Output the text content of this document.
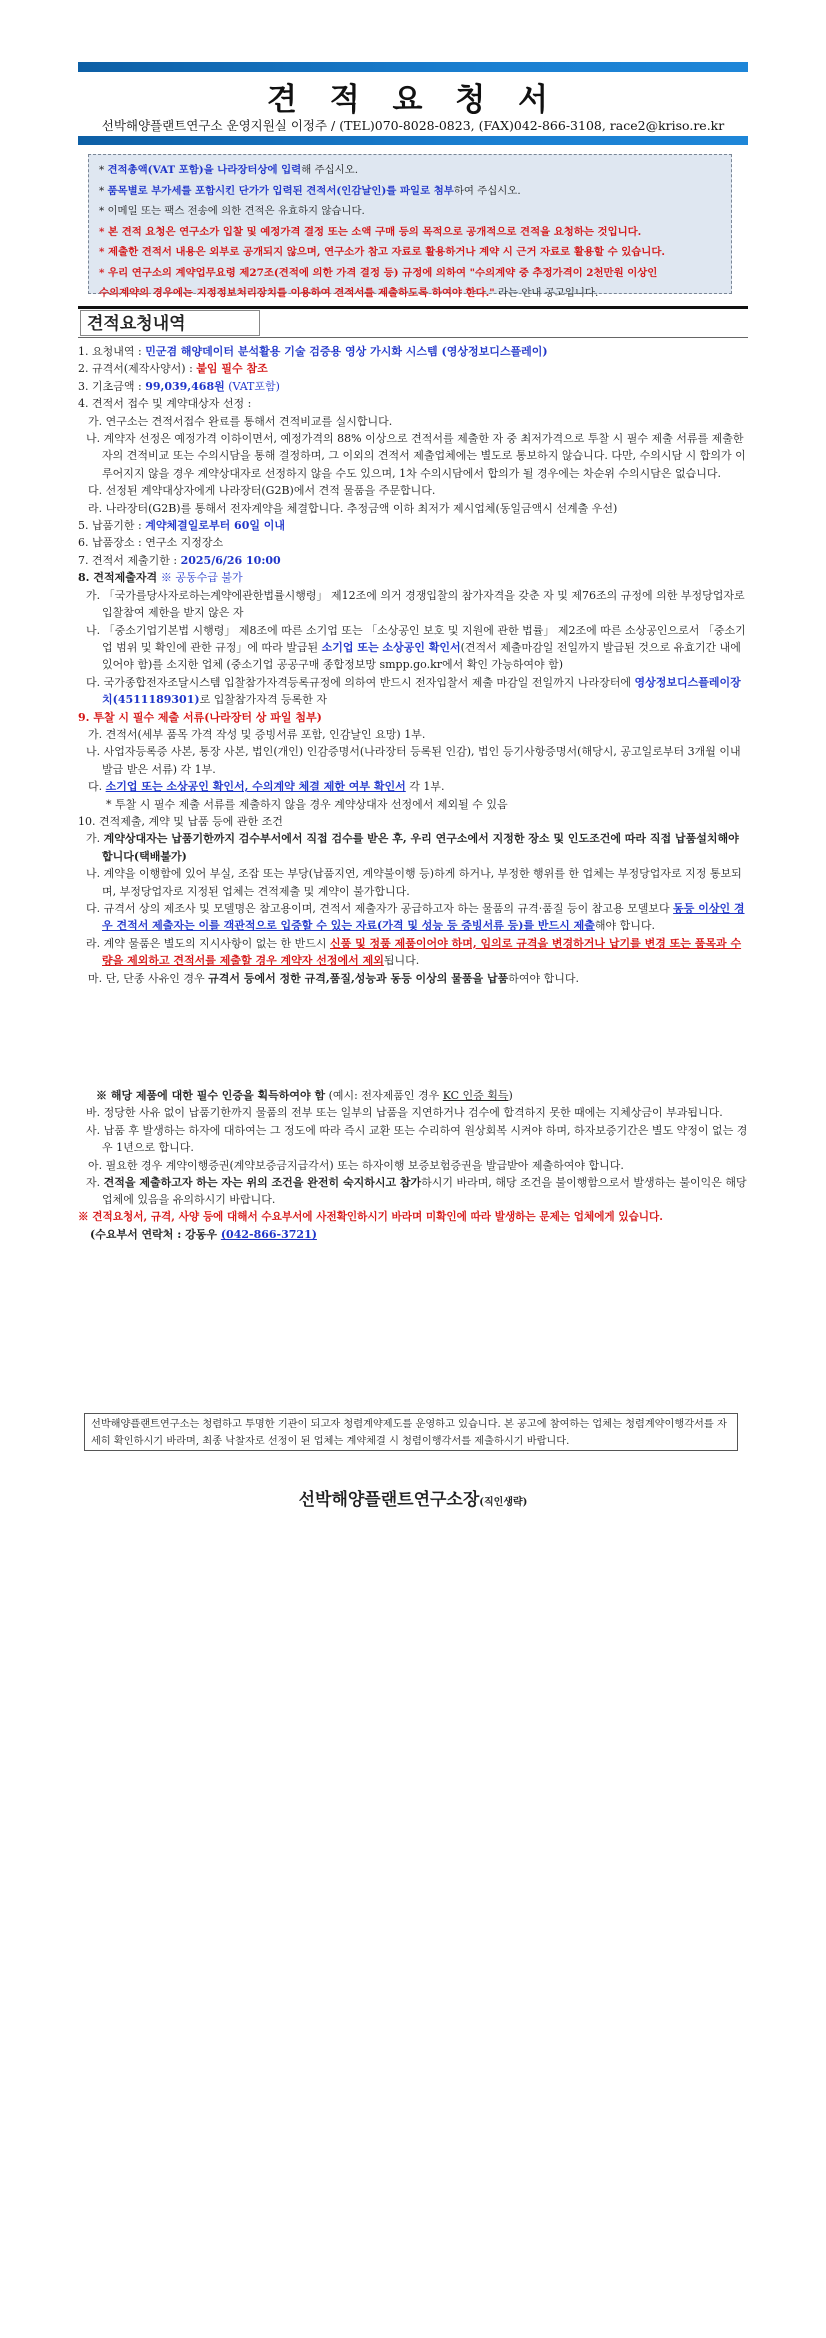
견 적 요 청 서
선박해양플랜트연구소 운영지원실 이정주 / (TEL)070-8028-0823, (FAX)042-866-3108, race2@kriso.re.kr
* 견적총액(VAT 포함)을 나라장터상에 입력해 주십시오.
* 품목별로 부가세를 포함시킨 단가가 입력된 견적서(인감날인)를 파일로 첨부하여 주십시오.
* 이메일 또는 팩스 전송에 의한 견적은 유효하지 않습니다.
* 본 견적 요청은 연구소가 입찰 및 예정가격 결정 또는 소액 구매 등의 목적으로 공개적으로 견적을 요청하는 것입니다.
* 제출한 견적서 내용은 외부로 공개되지 않으며, 연구소가 참고 자료로 활용하거나 계약 시 근거 자료로 활용할 수 있습니다.
* 우리 연구소의 계약업무요령 제27조(견적에 의한 가격 결정 등) 규정에 의하여 "수의계약 중 추정가격이 2천만원 이상인
수의계약의 경우에는 지정정보처리장치를 이용하여 견적서를 제출하도록 하여야 한다." 라는 안내 공고입니다.
견적요청내역
1. 요청내역 : 민군겸 해양데이터 분석활용 기술 검증용 영상 가시화 시스템 (영상정보디스플레이)
2. 규격서(제작사양서) : 붙임 필수 참조
3. 기초금액 : 99,039,468원 (VAT포함)
4. 견적서 접수 및 계약대상자 선정 :
가. 연구소는 견적서접수 완료를 통해서 견적비교를 실시합니다.
나. 계약자 선정은 예정가격 이하이면서, 예정가격의 88% 이상으로 견적서를 제출한 자 중 최저가격으로 투찰 시 필수 제출 서류를 제출한 자의 견적비교 또는 수의시담을 통해 결정하며, 그 이외의 견적서 제출업체에는 별도로 통보하지 않습니다. 다만, 수의시담 시 합의가 이루어지지 않을 경우 계약상대자로 선정하지 않을 수도 있으며, 1차 수의시담에서 합의가 될 경우에는 차순위 수의시담은 없습니다.
다. 선정된 계약대상자에게 나라장터(G2B)에서 견적 물품을 주문합니다.
라. 나라장터(G2B)를 통해서 전자계약을 체결합니다. 추정금액 이하 최저가 제시업체(동일금액시 선계출 우선)
5. 납품기한 : 계약체결일로부터 60일 이내
6. 납품장소 : 연구소 지정장소
7. 견적서 제출기한 : 2025/6/26 10:00
8. 견적제출자격 ※ 공동수급 불가
가. 「국가를당사자로하는계약에관한법률시행령」 제12조에 의거 경쟁입찰의 참가자격을 갖춘 자 및 제76조의 규정에 의한 부정당업자로 입찰참여 제한을 받지 않은 자
나. 「중소기업기본법 시행령」 제8조에 따른 소기업 또는 「소상공인 보호 및 지원에 관한 법률」 제2조에 따른 소상공인으로서 「중소기업 범위 및 확인에 관한 규정」에 따라 발급된 소기업 또는 소상공인 확인서(견적서 제출마감일 전일까지 발급된 것으로 유효기간 내에 있어야 함)를 소지한 업체 (중소기업 공공구매 종합정보망 smpp.go.kr에서 확인 가능하여야 함)
다. 국가종합전자조달시스템 입찰참가자격등록규정에 의하여 반드시 전자입찰서 제출 마감일 전일까지 나라장터에 영상정보디스플레이장치(4511189301)로 입찰참가자격 등록한 자
9. 투찰 시 필수 제출 서류(나라장터 상 파일 첨부)
가. 견적서(세부 품목 가격 작성 및 증빙서류 포함, 인감날인 요망) 1부.
나. 사업자등록증 사본, 통장 사본, 법인(개인) 인감증명서(나라장터 등록된 인감), 법인 등기사항증명서(해당시, 공고일로부터 3개월 이내 발급 받은 서류) 각 1부.
다. 소기업 또는 소상공인 확인서, 수의계약 체결 제한 여부 확인서 각 1부.
* 투찰 시 필수 제출 서류를 제출하지 않을 경우 계약상대자 선정에서 제외될 수 있음
10. 견적제출, 계약 및 납품 등에 관한 조건
가. 계약상대자는 납품기한까지 검수부서에서 직접 검수를 받은 후, 우리 연구소에서 지정한 장소 및 인도조건에 따라 직접 납품설치해야 합니다(택배불가)
나. 계약을 이행함에 있어 부실, 조잡 또는 부당(납품지연, 계약불이행 등)하게 하거나, 부정한 행위를 한 업체는 부정당업자로 지정 통보되며, 부정당업자로 지정된 업체는 견적제출 및 계약이 불가합니다.
다. 규격서 상의 제조사 및 모델명은 참고용이며, 견적서 제출자가 공급하고자 하는 물품의 규격·품질 등이 참고용 모델보다 동등 이상인 경우 견적서 제출자는 이를 객관적으로 입증할 수 있는 자료(가격 및 성능 등 증빙서류 등)를 반드시 제출해야 합니다.
라. 계약 물품은 별도의 지시사항이 없는 한 반드시 신품 및 정품 제품이어야 하며, 임의로 규격을 변경하거나 납기를 변경 또는 품목과 수량을 제외하고 견적서를 제출할 경우 계약자 선정에서 제외됩니다.
마. 단, 단종 사유인 경우 규격서 등에서 정한 규격,품질,성능과 동등 이상의 물품을 납품하여야 합니다.
※ 해당 제품에 대한 필수 인증을 획득하여야 함 (예시: 전자제품인 경우 KC 인증 획득)
바. 정당한 사유 없이 납품기한까지 물품의 전부 또는 일부의 납품을 지연하거나 검수에 합격하지 못한 때에는 지체상금이 부과됩니다.
사. 납품 후 발생하는 하자에 대하여는 그 정도에 따라 즉시 교환 또는 수리하여 원상회복 시켜야 하며, 하자보증기간은 별도 약정이 없는 경우 1년으로 합니다.
아. 필요한 경우 계약이행증권(계약보증금지급각서) 또는 하자이행 보증보험증권을 발급받아 제출하여야 합니다.
자. 견적을 제출하고자 하는 자는 위의 조건을 완전히 숙지하시고 참가하시기 바라며, 해당 조건을 불이행함으로서 발생하는 불이익은 해당 업체에 있음을 유의하시기 바랍니다.
※ 견적요청서, 규격, 사양 등에 대해서 수요부서에 사전확인하시기 바라며 미확인에 따라 발생하는 문제는 업체에게 있습니다.
(수요부서 연락처 : 강동우 (042-866-3721)
선박해양플랜트연구소는 청렴하고 투명한 기관이 되고자 청렴계약제도를 운영하고 있습니다. 본 공고에 참여하는 업체는 청렴계약이행각서를 자세히 확인하시기 바라며, 최종 낙찰자로 선정이 된 업체는 계약체결 시 청렴이행각서를 제출하시기 바랍니다.
선박해양플랜트연구소장(직인생략)
